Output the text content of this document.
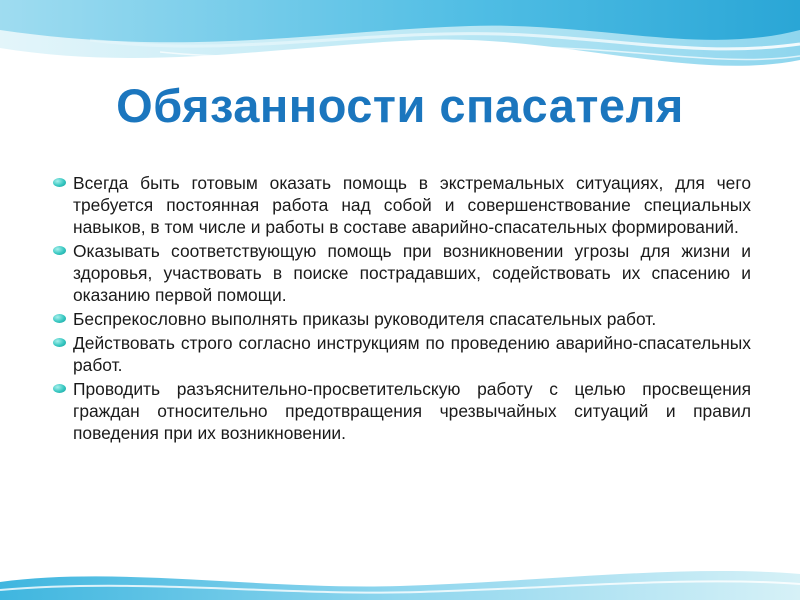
Обязанности спасателя
Всегда быть готовым оказать помощь в экстремальных ситуациях, для чего требуется постоянная работа над собой и совершенствование специальных навыков, в том числе и работы в составе аварийно-спасательных формирований.
Оказывать соответствующую помощь при возникновении угрозы для жизни и здоровья, участвовать в поиске пострадавших, содействовать их спасению и оказанию первой помощи.
Беспрекословно выполнять приказы руководителя спасательных работ.
Действовать строго согласно инструкциям по проведению аварийно-спасательных работ.
Проводить разъяснительно-просветительскую работу с целью просвещения граждан относительно предотвращения чрезвычайных ситуаций и правил поведения при их возникновении.
